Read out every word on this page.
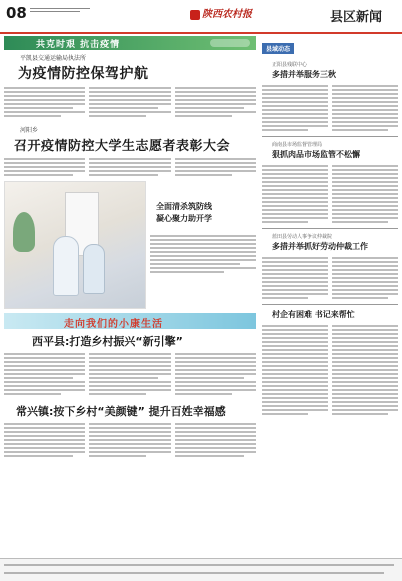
08	陕西农村报	县区新闻
共克时艰 抗击疫情
平凯县交通运输局执法所
为疫情防控保驾护航
河阳乡
召开疫情防控大学生志愿者表彰大会
全面清杀筑防线
凝心聚力助开学
走向我们的小康生活
西平县:打造乡村振兴“新引擎”
常兴镇:按下乡村“美颜键” 提升百姓幸福感
县域动态
正阳县残联中心
多措并举服务三秋
商南县市场监督管理局
狠抓肉品市场监管不松懈
蓝田县劳动人事争议仲裁院
多措并举抓好劳动仲裁工作
村企有困难 书记来帮忙
